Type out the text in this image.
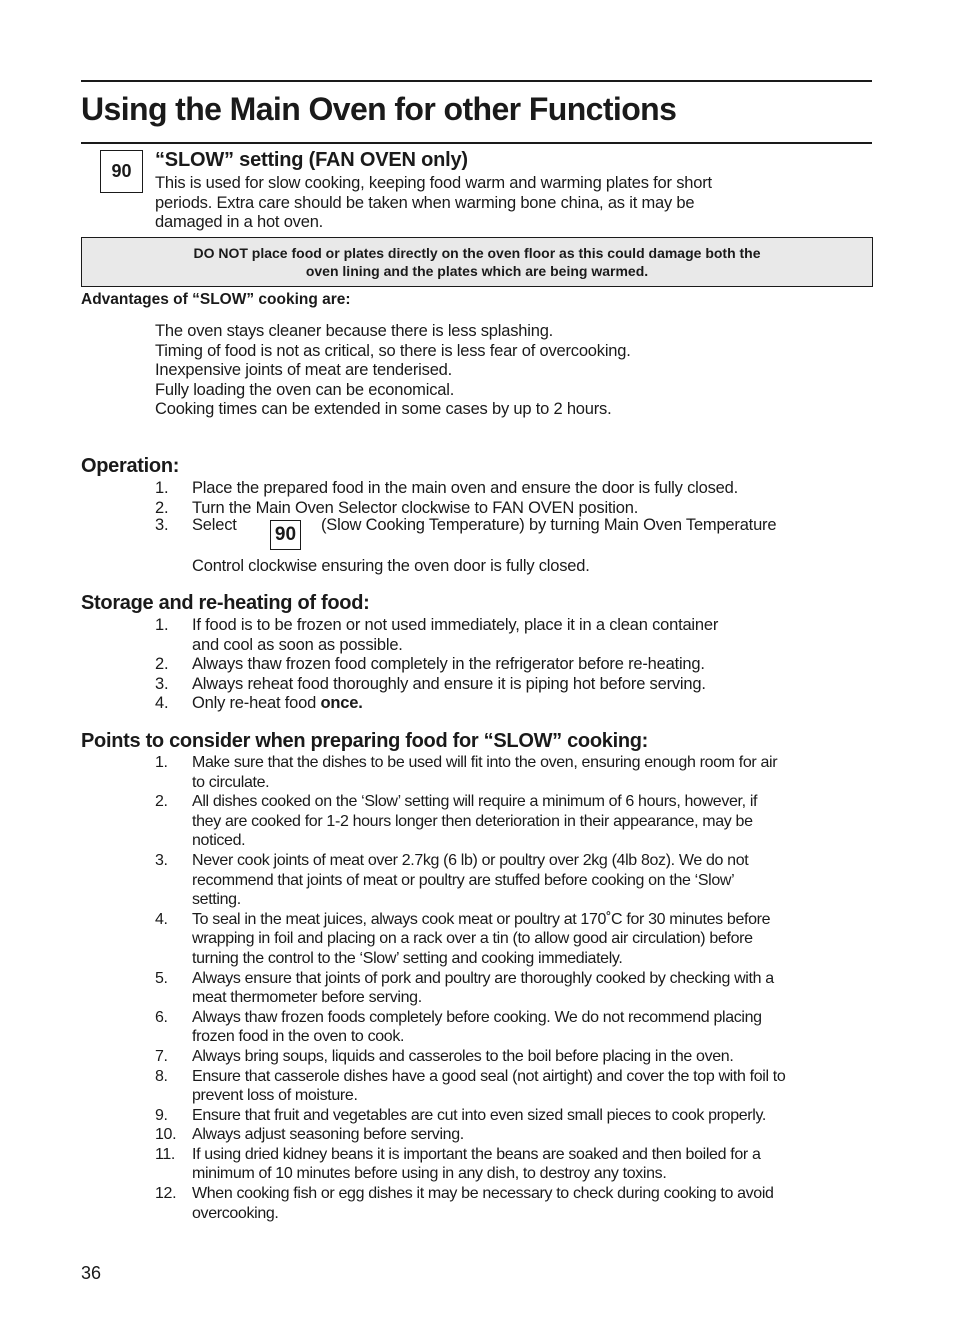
Using the Main Oven for other Functions
90	“SLOW” setting (FAN OVEN only)
This is used for slow cooking, keeping food warm and warming plates for short
periods. Extra care should be taken when warming bone china, as it may be
damaged in a hot oven.
DO NOT place food or plates directly on the oven floor as this could damage both the
oven lining and the plates which are being warmed.
Advantages of “SLOW” cooking are:
The oven stays cleaner because there is less splashing.
Timing of food is not as critical, so there is less fear of overcooking.
Inexpensive joints of meat are tenderised.
Fully loading the oven can be economical.
Cooking times can be extended in some cases by up to 2 hours.
Operation:
1. Place the prepared food in the main oven and ensure the door is fully closed.
2. Turn the Main Oven Selector clockwise to FAN OVEN position.
3. Select	(Slow Cooking Temperature) by turning Main Oven Temperature
90
Control clockwise ensuring the oven door is fully closed.
Storage and re-heating of food:
1. If food is to be frozen or not used immediately, place it in a clean container
and cool as soon as possible.
2. Always thaw frozen food completely in the refrigerator before re-heating.
3. Always reheat food thoroughly and ensure it is piping hot before serving.
4. Only re-heat food once.
Points to consider when preparing food for “SLOW” cooking:
1. Make sure that the dishes to be used will fit into the oven, ensuring enough room for air
to circulate.
2. All dishes cooked on the ‘Slow’ setting will require a minimum of 6 hours, however, if
they are cooked for 1-2 hours longer then deterioration in their appearance, may be
noticed.
3. Never cook joints of meat over 2.7kg (6 lb) or poultry over 2kg (4lb 8oz). We do not
recommend that joints of meat or poultry are stuffed before cooking on the ‘Slow’
setting.
4. To seal in the meat juices, always cook meat or poultry at 170˚C for 30 minutes before
wrapping in foil and placing on a rack over a tin (to allow good air circulation) before
turning the control to the ‘Slow’ setting and cooking immediately.
5. Always ensure that joints of pork and poultry are thoroughly cooked by checking with a
meat thermometer before serving.
6. Always thaw frozen foods completely before cooking. We do not recommend placing
frozen food in the oven to cook.
7. Always bring soups, liquids and casseroles to the boil before placing in the oven.
8. Ensure that casserole dishes have a good seal (not airtight) and cover the top with foil to
prevent loss of moisture.
9. Ensure that fruit and vegetables are cut into even sized small pieces to cook properly.
10. Always adjust seasoning before serving.
11. If using dried kidney beans it is important the beans are soaked and then boiled for a
minimum of 10 minutes before using in any dish, to destroy any toxins.
12. When cooking fish or egg dishes it may be necessary to check during cooking to avoid
overcooking.
36
